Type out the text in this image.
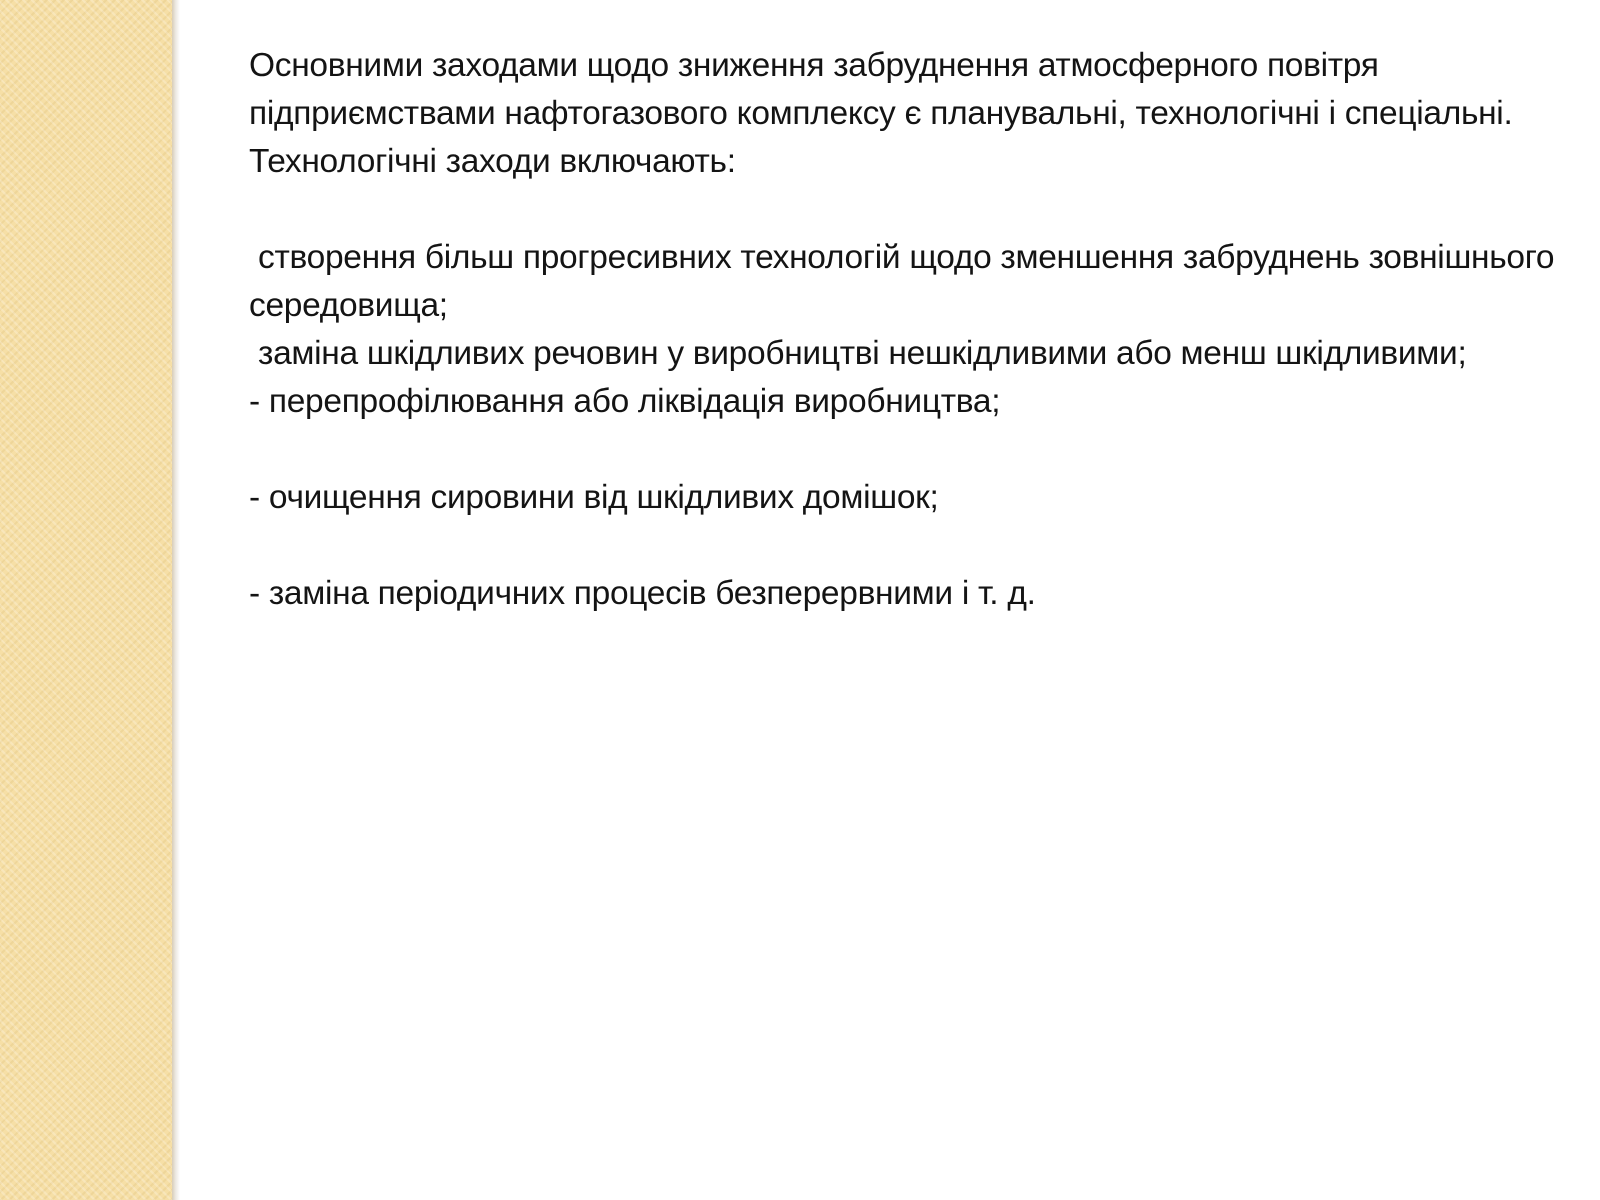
Основними заходами щодо зниження забруднення атмосферного повітря підприємствами нафтогазового комплексу є планувальні, технологічні і спеціальні. Технологічні заходи включають:

створення більш прогресивних технологій щодо зменшення забруднень зовнішнього середовища;

заміна шкідливих речовин у виробництві нешкідливими або менш шкідливими;

- перепрофілювання або ліквідація виробництва;

- очищення сировини від шкідливих домішок;

- заміна періодичних процесів безперервними і т. д.
